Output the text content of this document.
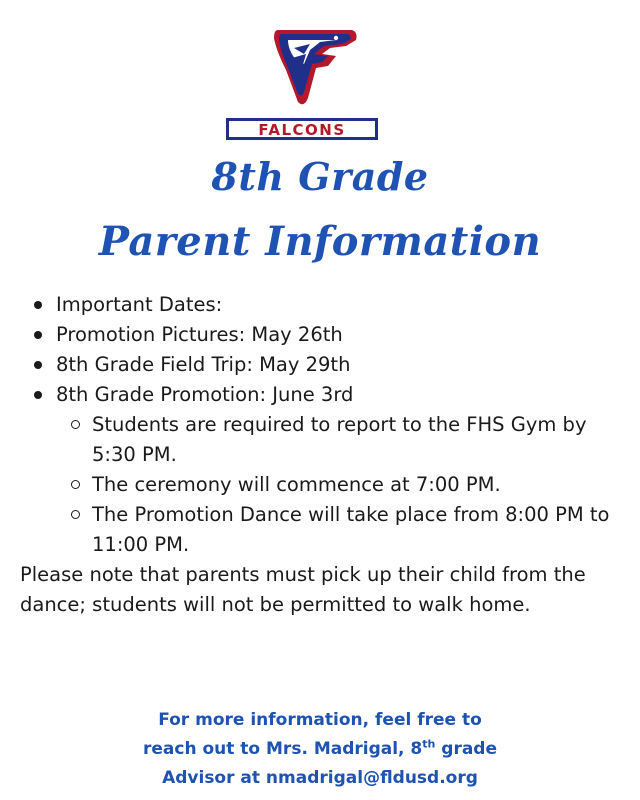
FALCONS
8th Grade
Parent Information
Important Dates:
Promotion Pictures: May 26th
8th Grade Field Trip: May 29th
8th Grade Promotion: June 3rd
Students are required to report to the FHS Gym by 5:30 PM.
The ceremony will commence at 7:00 PM.
The Promotion Dance will take place from 8:00 PM to 11:00 PM.

Please note that parents must pick up their child from the dance; students will not be permitted to walk home.

For more information, feel free to
reach out to Mrs. Madrigal, 8th grade
Advisor at nmadrigal@fldusd.org
